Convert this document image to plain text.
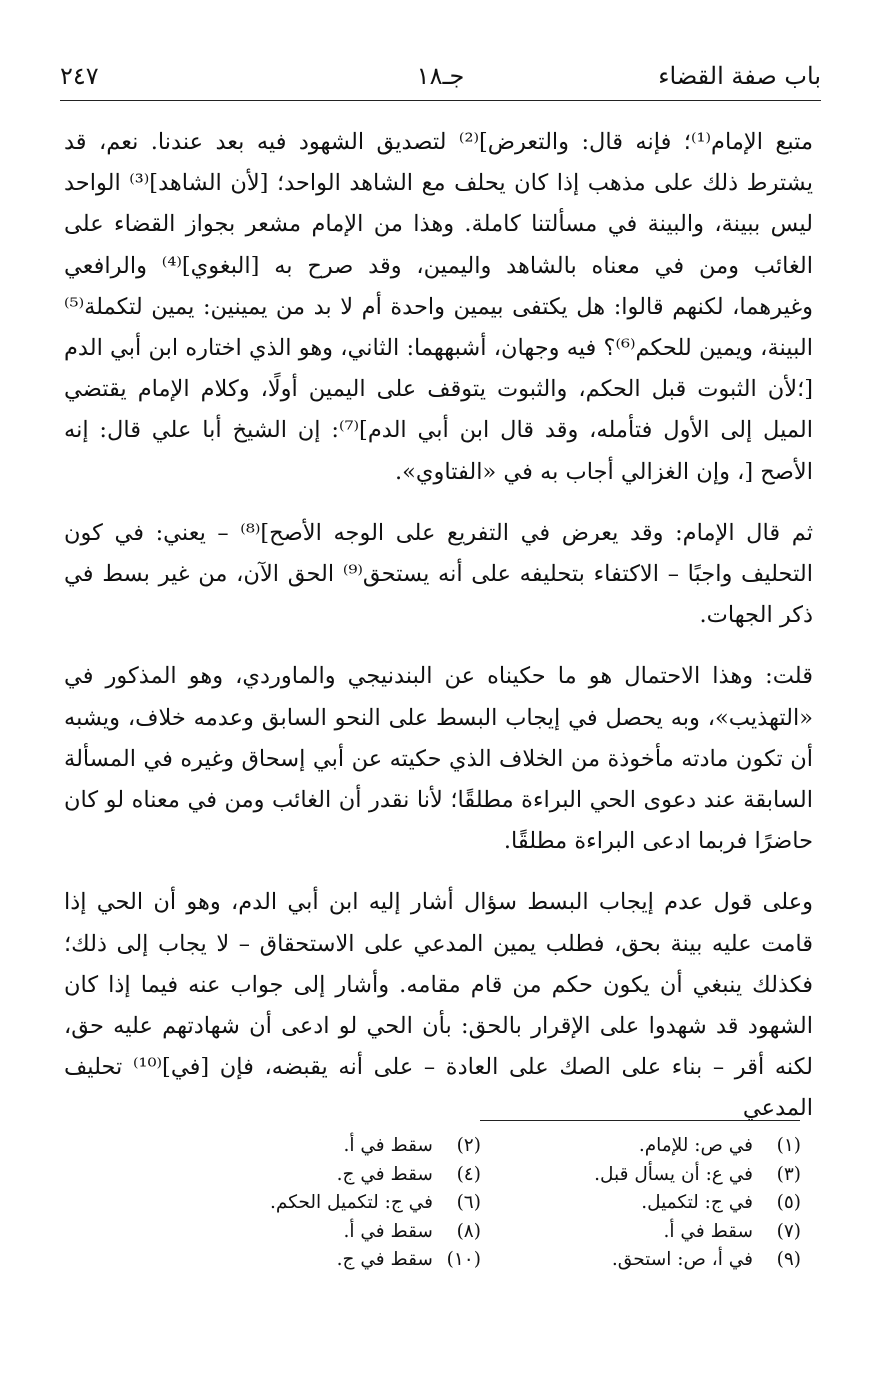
باب صفة القضاء
جـ١٨
٢٤٧

متبع الإمام⁽¹⁾؛ فإنه قال: والتعرض]⁽²⁾ لتصديق الشهود فيه بعد عندنا. نعم، قد يشترط ذلك على مذهب إذا كان يحلف مع الشاهد الواحد؛ [لأن الشاهد]⁽³⁾ الواحد ليس ببينة، والبينة في مسألتنا كاملة. وهذا من الإمام مشعر بجواز القضاء على الغائب ومن في معناه بالشاهد واليمين، وقد صرح به [البغوي]⁽⁴⁾ والرافعي وغيرهما، لكنهم قالوا: هل يكتفى بيمين واحدة أم لا بد من يمينين: يمين لتكملة⁽⁵⁾ البينة، ويمين للحكم⁽⁶⁾؟ فيه وجهان، أشبههما: الثاني، وهو الذي اختاره ابن أبي الدم [؛لأن الثبوت قبل الحكم، والثبوت يتوقف على اليمين أولًا، وكلام الإمام يقتضي الميل إلى الأول فتأمله، وقد قال ابن أبي الدم]⁽⁷⁾: إن الشيخ أبا علي قال: إنه الأصح [، وإن الغزالي أجاب به في «الفتاوي».

ثم قال الإمام: وقد يعرض في التفريع على الوجه الأصح]⁽⁸⁾ – يعني: في كون التحليف واجبًا – الاكتفاء بتحليفه على أنه يستحق⁽⁹⁾ الحق الآن، من غير بسط في ذكر الجهات.

قلت: وهذا الاحتمال هو ما حكيناه عن البندنيجي والماوردي، وهو المذكور في «التهذيب»، وبه يحصل في إيجاب البسط على النحو السابق وعدمه خلاف، ويشبه أن تكون مادته مأخوذة من الخلاف الذي حكيته عن أبي إسحاق وغيره في المسألة السابقة عند دعوى الحي البراءة مطلقًا؛ لأنا نقدر أن الغائب ومن في معناه لو كان حاضرًا فربما ادعى البراءة مطلقًا.

وعلى قول عدم إيجاب البسط سؤال أشار إليه ابن أبي الدم، وهو أن الحي إذا قامت عليه بينة بحق، فطلب يمين المدعي على الاستحقاق – لا يجاب إلى ذلك؛ فكذلك ينبغي أن يكون حكم من قام مقامه. وأشار إلى جواب عنه فيما إذا كان الشهود قد شهدوا على الإقرار بالحق: بأن الحي لو ادعى أن شهادتهم عليه حق، لكنه أقر – بناء على الصك على العادة – على أنه يقبضه، فإن [في]⁽¹⁰⁾ تحليف المدعي

(١)في ص: للإمام.
(٣)في ع: أن يسأل قبل.
(٥)في ج: لتكميل.
(٧)سقط في أ.
(٩)في أ، ص: استحق.
(٢)سقط في أ.
(٤)سقط في ج.
(٦)في ج: لتكميل الحكم.
(٨)سقط في أ.
(١٠)سقط في ج.
